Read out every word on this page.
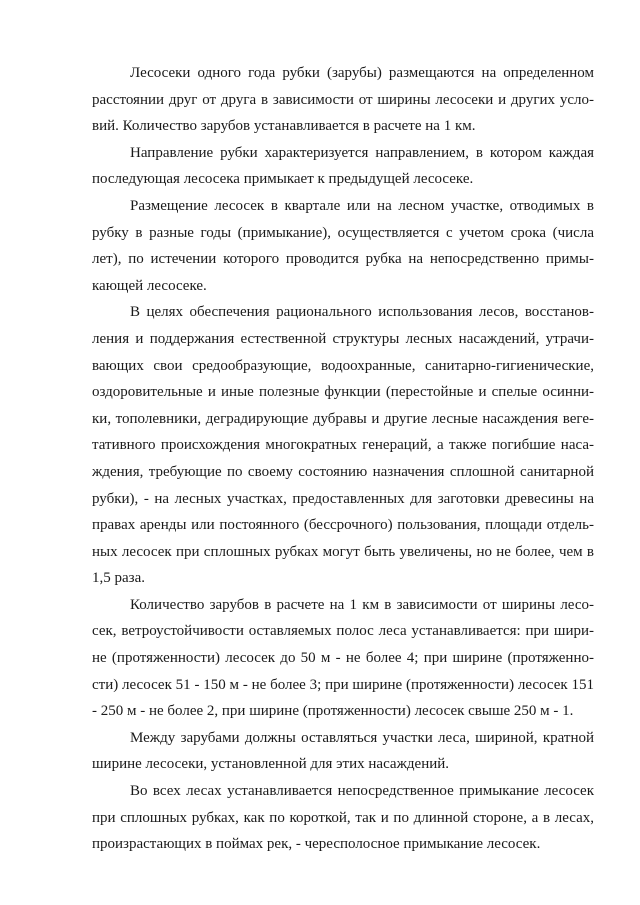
Лесосеки одного года рубки (зарубы) размещаются на определенном
расстоянии друг от друга в зависимости от ширины лесосеки и других усло-
вий. Количество зарубов устанавливается в расчете на 1 км.
Направление рубки характеризуется направлением, в котором каждая
последующая лесосека примыкает к предыдущей лесосеке.
Размещение лесосек в квартале или на лесном участке, отводимых в
рубку в разные годы (примыкание), осуществляется с учетом срока (числа
лет), по истечении которого проводится рубка на непосредственно примы-
кающей лесосеке.
В целях обеспечения рационального использования лесов, восстанов-
ления и поддержания естественной структуры лесных насаждений, утрачи-
вающих свои средообразующие, водоохранные, санитарно-гигиенические,
оздоровительные и иные полезные функции (перестойные и спелые осинни-
ки, тополевники, деградирующие дубравы и другие лесные насаждения веге-
тативного происхождения многократных генераций, а также погибшие наса-
ждения, требующие по своему состоянию назначения сплошной санитарной
рубки), - на лесных участках, предоставленных для заготовки древесины на
правах аренды или постоянного (бессрочного) пользования, площади отдель-
ных лесосек при сплошных рубках могут быть увеличены, но не более, чем в
1,5 раза.
Количество зарубов в расчете на 1 км в зависимости от ширины лесо-
сек, ветроустойчивости оставляемых полос леса устанавливается: при шири-
не (протяженности) лесосек до 50 м - не более 4; при ширине (протяженно-
сти) лесосек 51 - 150 м - не более 3; при ширине (протяженности) лесосек 151
- 250 м - не более 2, при ширине (протяженности) лесосек свыше 250 м - 1.
Между зарубами должны оставляться участки леса, шириной, кратной
ширине лесосеки, установленной для этих насаждений.
Во всех лесах устанавливается непосредственное примыкание лесосек
при сплошных рубках, как по короткой, так и по длинной стороне, а в лесах,
произрастающих в поймах рек, - чересполосное примыкание лесосек.
